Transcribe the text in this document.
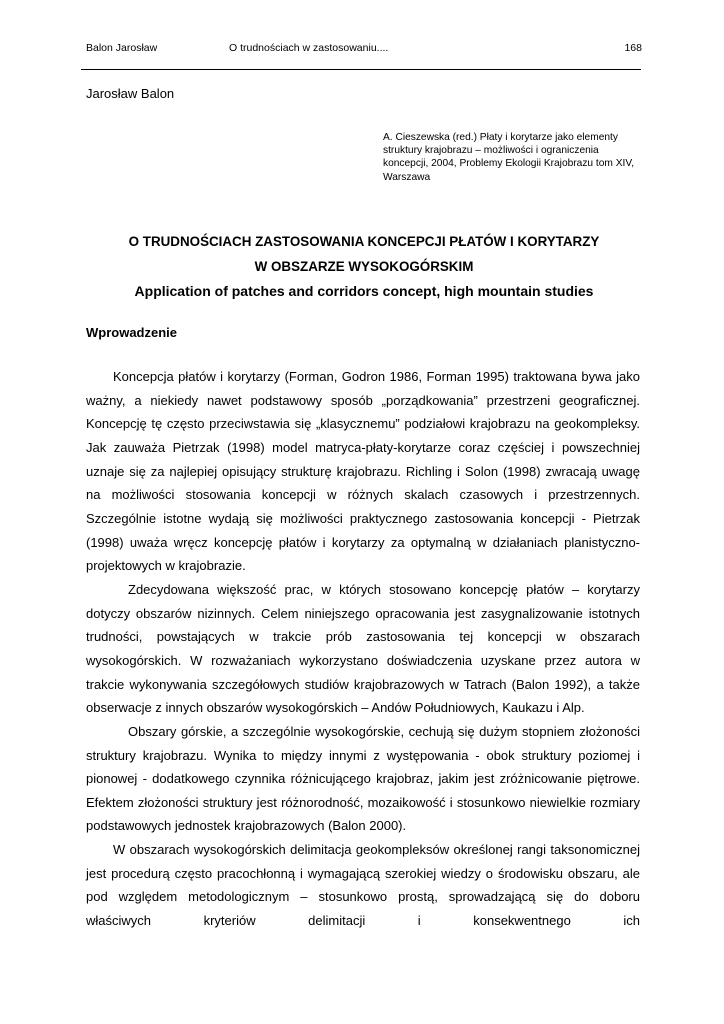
Balon Jarosław	O trudnościach w zastosowaniu....	168
Jarosław Balon
A. Cieszewska (red.) Płaty i korytarze jako elementy struktury krajobrazu – możliwości i ograniczenia koncepcji, 2004, Problemy Ekologii Krajobrazu tom XIV, Warszawa
O TRUDNOŚCIACH ZASTOSOWANIA KONCEPCJI PŁATÓW I KORYTARZY
W OBSZARZE WYSOKOGÓRSKIM
Application of patches and corridors concept, high mountain studies
Wprowadzenie

Koncepcja płatów i korytarzy (Forman, Godron 1986, Forman 1995) traktowana bywa jako ważny, a niekiedy nawet podstawowy sposób „porządkowania” przestrzeni geograficznej. Koncepcję tę często przeciwstawia się „klasycznemu” podziałowi krajobrazu na geokompleksy. Jak zauważa Pietrzak (1998) model matryca-płaty-korytarze coraz częściej i powszechniej uznaje się za najlepiej opisujący strukturę krajobrazu. Richling i Solon (1998) zwracają uwagę na możliwości stosowania koncepcji w różnych skalach czasowych i przestrzennych. Szczególnie istotne wydają się możliwości praktycznego zastosowania koncepcji - Pietrzak (1998) uważa wręcz koncepcję płatów i korytarzy za optymalną w działaniach planistyczno-projektowych w krajobrazie.

Zdecydowana większość prac, w których stosowano koncepcję płatów – korytarzy dotyczy obszarów nizinnych. Celem niniejszego opracowania jest zasygnalizowanie istotnych trudności, powstających w trakcie prób zastosowania tej koncepcji w obszarach wysokogórskich. W rozważaniach wykorzystano doświadczenia uzyskane przez autora w trakcie wykonywania szczegółowych studiów krajobrazowych w Tatrach (Balon 1992), a także obserwacje z innych obszarów wysokogórskich – Andów Południowych, Kaukazu i Alp.

Obszary górskie, a szczególnie wysokogórskie, cechują się dużym stopniem złożoności struktury krajobrazu. Wynika to między innymi z występowania - obok struktury poziomej i pionowej - dodatkowego czynnika różnicującego krajobraz, jakim jest zróżnicowanie piętrowe. Efektem złożoności struktury jest różnorodność, mozaikowość i stosunkowo niewielkie rozmiary podstawowych jednostek krajobrazowych (Balon 2000).

W obszarach wysokogórskich delimitacja geokompleksów określonej rangi taksonomicznej jest procedurą często pracochłonną i wymagającą szerokiej wiedzy o środowisku obszaru, ale pod względem metodologicznym – stosunkowo prostą, sprowadzającą się do doboru właściwych kryteriów delimitacji i konsekwentnego ich
